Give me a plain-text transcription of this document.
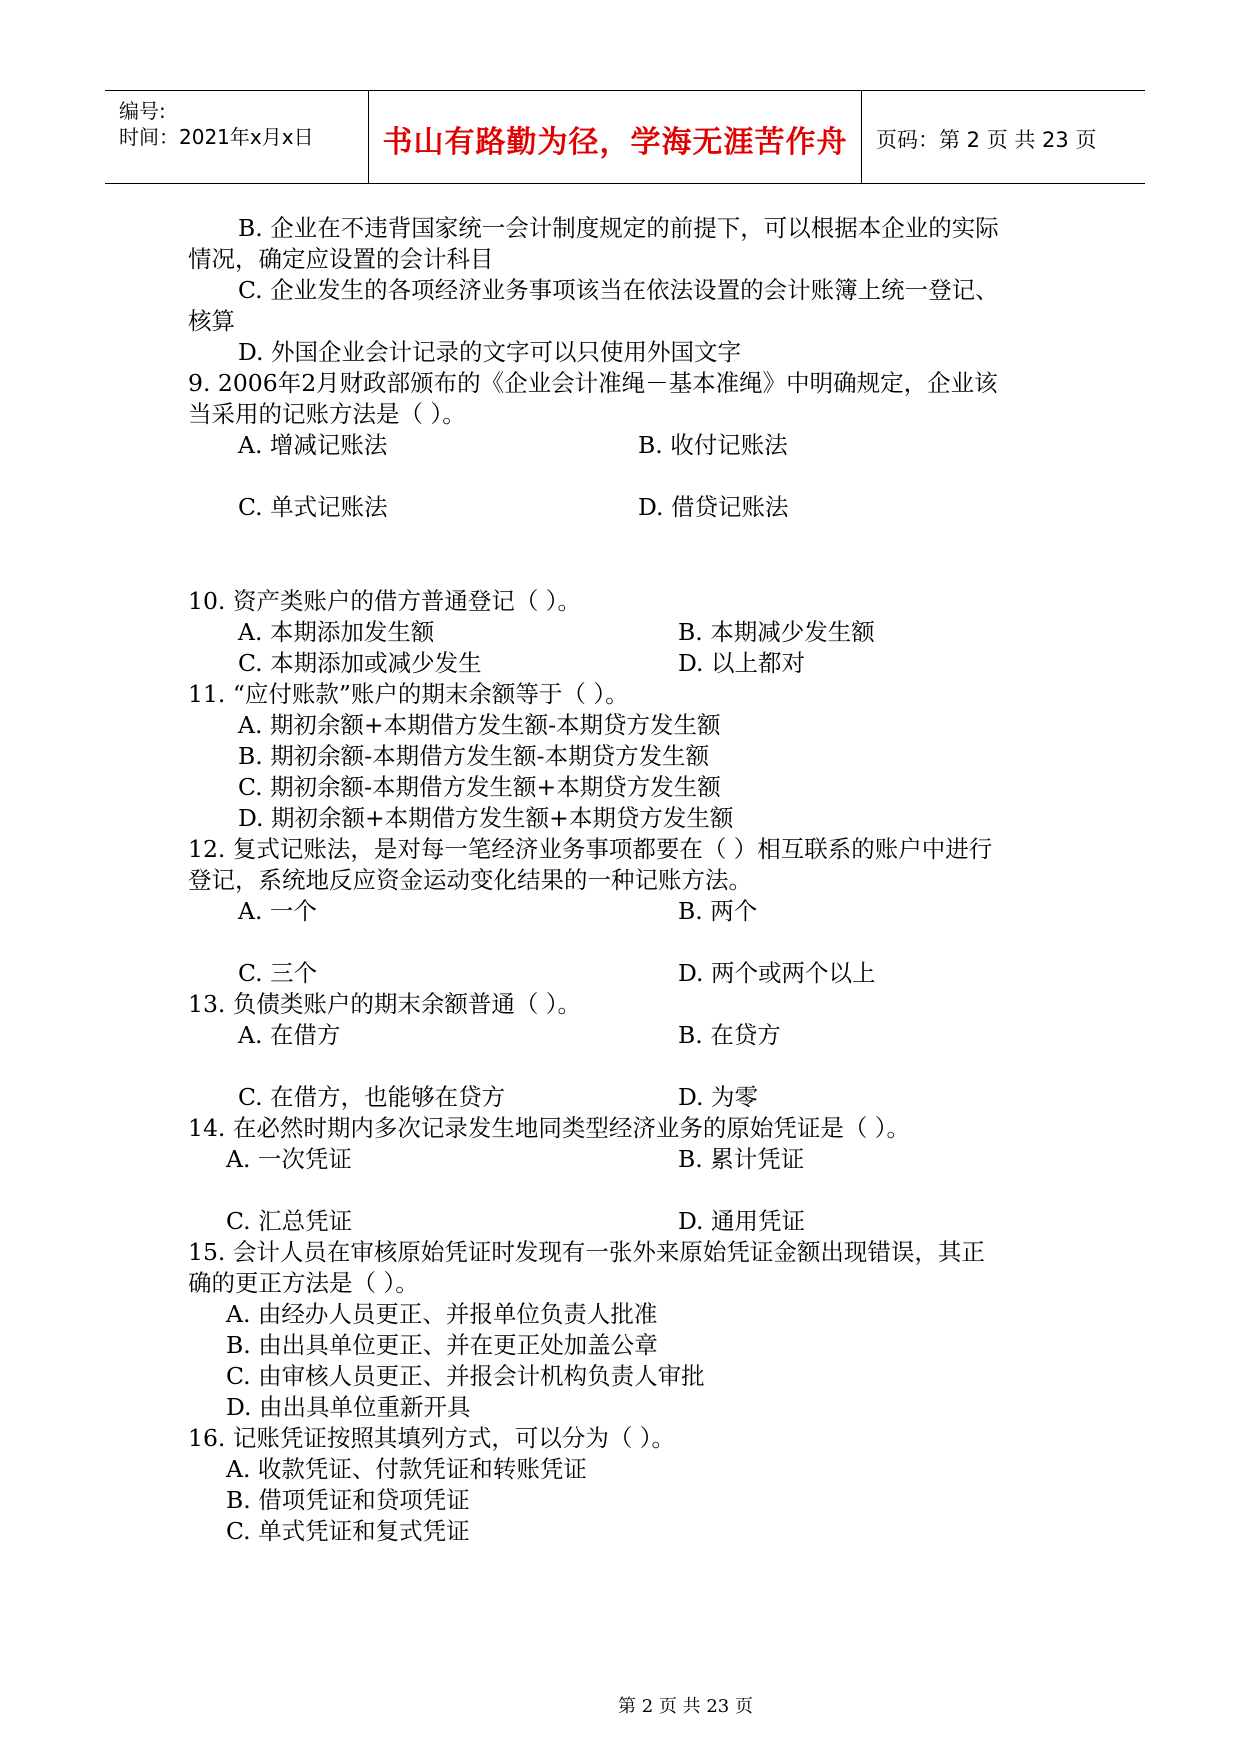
编号:
时间：2021年x月x日	书山有路勤为径，学海无涯苦作舟	页码：第 2 页 共 23 页
B. 企业在不违背国家统一会计制度规定的前提下，可以根据本企业的实际
情况，确定应设置的会计科目
C. 企业发生的各项经济业务事项该当在依法设置的会计账簿上统一登记、
核算
D. 外国企业会计记录的文字可以只使用外国文字
9. 2006年2月财政部颁布的《企业会计准绳－基本准绳》中明确规定，企业该
当采用的记账方法是（ ）。
A. 增减记账法	B. 收付记账法
C. 单式记账法	D. 借贷记账法
10. 资产类账户的借方普通登记（ ）。
A. 本期添加发生额	B. 本期减少发生额
C. 本期添加或减少发生	D. 以上都对
11. “应付账款”账户的期末余额等于（ ）。
A. 期初余额+本期借方发生额-本期贷方发生额
B. 期初余额-本期借方发生额-本期贷方发生额
C. 期初余额-本期借方发生额+本期贷方发生额
D. 期初余额+本期借方发生额+本期贷方发生额
12. 复式记账法，是对每一笔经济业务事项都要在（ ）相互联系的账户中进行
登记，系统地反应资金运动变化结果的一种记账方法。
A. 一个	B. 两个
C. 三个	D. 两个或两个以上
13. 负债类账户的期末余额普通（ ）。
A. 在借方	B. 在贷方
C. 在借方，也能够在贷方	D. 为零
14. 在必然时期内多次记录发生地同类型经济业务的原始凭证是（ ）。
A. 一次凭证	B. 累计凭证
C. 汇总凭证	D. 通用凭证
15. 会计人员在审核原始凭证时发现有一张外来原始凭证金额出现错误，其正
确的更正方法是（ ）。
A. 由经办人员更正、并报单位负责人批准
B. 由出具单位更正、并在更正处加盖公章
C. 由审核人员更正、并报会计机构负责人审批
D. 由出具单位重新开具
16. 记账凭证按照其填列方式，可以分为（ ）。
A. 收款凭证、付款凭证和转账凭证
B. 借项凭证和贷项凭证
C. 单式凭证和复式凭证
第 2 页 共 23 页
